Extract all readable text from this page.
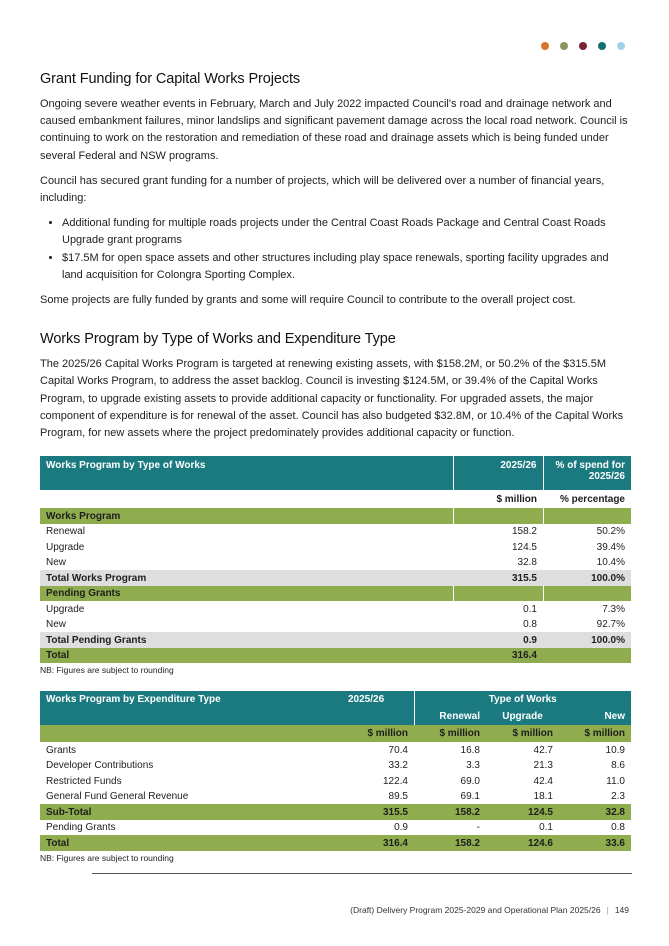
Grant Funding for Capital Works Projects

Ongoing severe weather events in February, March and July 2022 impacted Council's road and drainage network and caused embankment failures, minor landslips and significant pavement damage across the local road network. Council is continuing to work on the restoration and remediation of these road and drainage assets which is being funded under several Federal and NSW programs.

Council has secured grant funding for a number of projects, which will be delivered over a number of financial years, including:

• Additional funding for multiple roads projects under the Central Coast Roads Package and Central Coast Roads Upgrade grant programs
• $17.5M for open space assets and other structures including play space renewals, sporting facility upgrades and land acquisition for Colongra Sporting Complex.

Some projects are fully funded by grants and some will require Council to contribute to the overall project cost.

Works Program by Type of Works and Expenditure Type

The 2025/26 Capital Works Program is targeted at renewing existing assets, with $158.2M, or 50.2% of the $315.5M Capital Works Program, to address the asset backlog. Council is investing $124.5M, or 39.4% of the Capital Works Program, to upgrade existing assets to provide additional capacity or functionality. For upgraded assets, the major component of expenditure is for renewal of the asset. Council has also budgeted $32.8M, or 10.4% of the Capital Works Program, for new assets where the project predominately provides additional capacity or function.

Works Program by Type of Works	2025/26	% of spend for 2025/26
	$ million	% percentage
Works Program		
Renewal	158.2	50.2%
Upgrade	124.5	39.4%
New	32.8	10.4%
Total Works Program	315.5	100.0%
Pending Grants		
Upgrade	0.1	7.3%
New	0.8	92.7%
Total Pending Grants	0.9	100.0%
Total	316.4	
NB: Figures are subject to rounding
Works Program by Expenditure Type	2025/26	Type of Works		
		Renewal	Upgrade	New
	$ million	$ million	$ million	$ million
Grants	70.4	16.8	42.7	10.9
Developer Contributions	33.2	3.3	21.3	8.6
Restricted Funds	122.4	69.0	42.4	11.0
General Fund General Revenue	89.5	69.1	18.1	2.3
Sub-Total	315.5	158.2	124.5	32.8
Pending Grants	0.9	-	0.1	0.8
Total	316.4	158.2	124.6	33.6
NB: Figures are subject to rounding
(Draft) Delivery Program 2025-2029 and Operational Plan 2025/26 | 149
